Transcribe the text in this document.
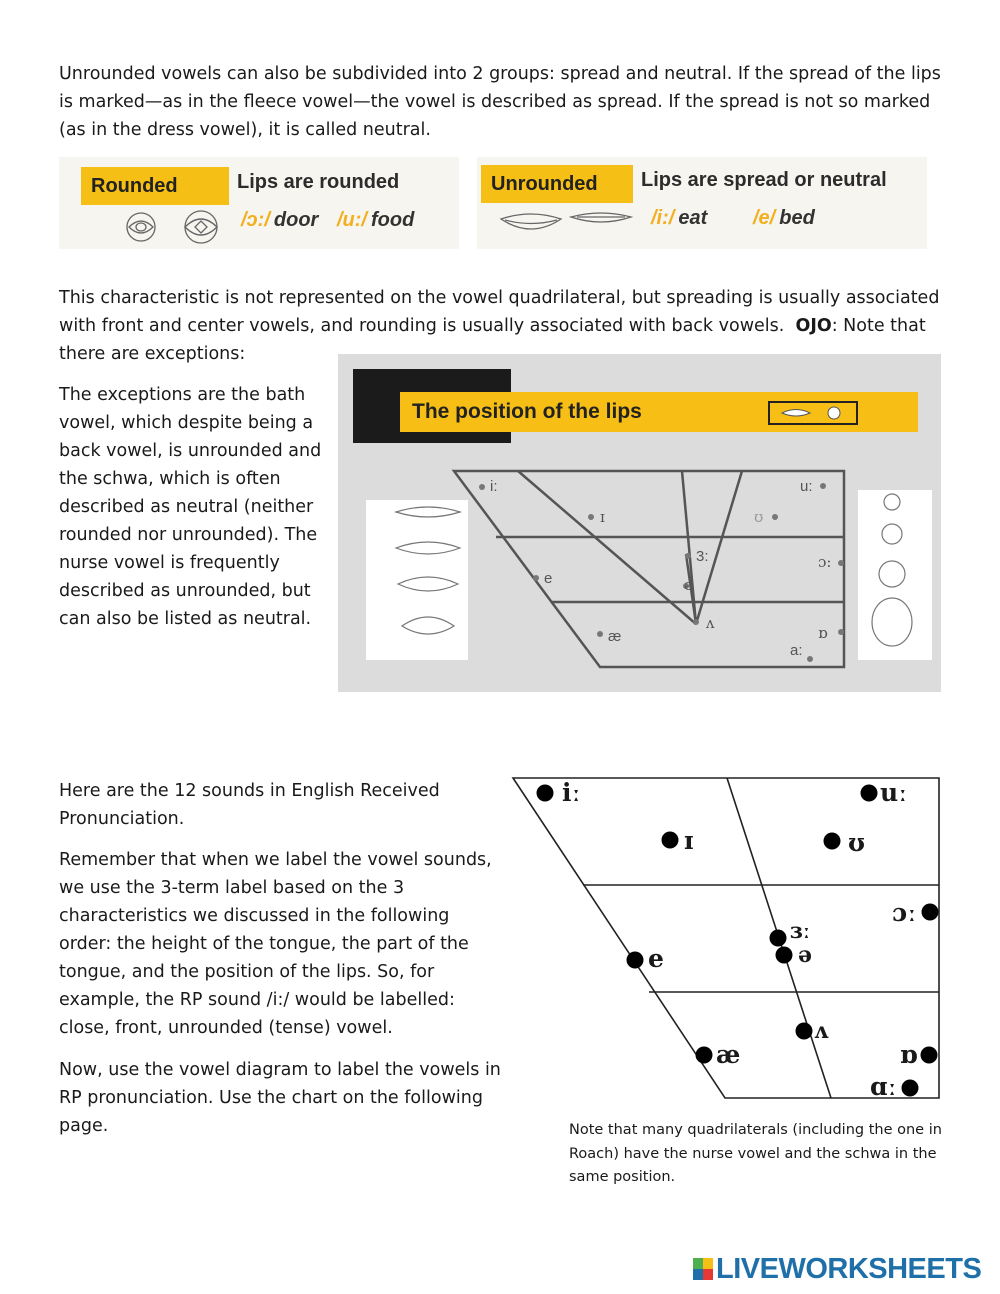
Unrounded vowels can also be subdivided into 2 groups: spread and neutral. If the spread of the lips

is marked—as in the fleece vowel—the vowel is described as spread. If the spread is not so marked

(as in the dress vowel), it is called neutral.

Rounded	Lips are rounded
/ɔ:/ door /u:/ food
Unrounded	Lips are spread or neutral
/i:/ eat /e/ bed

This characteristic is not represented on the vowel quadrilateral, but spreading is usually associated

with front and center vowels, and rounding is usually associated with back vowels. OJO: Note that

there are exceptions:

The exceptions are the bath

vowel, which despite being a

back vowel, is unrounded and

the schwa, which is often

described as neutral (neither

rounded nor unrounded). The

nurse vowel is frequently

described as unrounded, but

can also be listed as neutral.

The position of the lips
i:	u:
ɪ	ʊ
3:
ə
e
ɔ:
æ
ʌ
ɒ
a:

Here are the 12 sounds in English Received

Pronunciation.

Remember that when we label the vowel sounds,

we use the 3-term label based on the 3

characteristics we discussed in the following

order: the height of the tongue, the part of the

tongue, and the position of the lips. So, for

example, the RP sound /i:/ would be labelled:

close, front, unrounded (tense) vowel.

Now, use the vowel diagram to label the vowels in

RP pronunciation. Use the chart on the following

page.

iː	uː
ɪ	ʊ
ɔː
ɜː
ə
e
ʌ
æ	ɒ
ɑː
Note that many quadrilaterals (including the one in
Roach) have the nurse vowel and the schwa in the
same position.
LIVEWORKSHEETS
